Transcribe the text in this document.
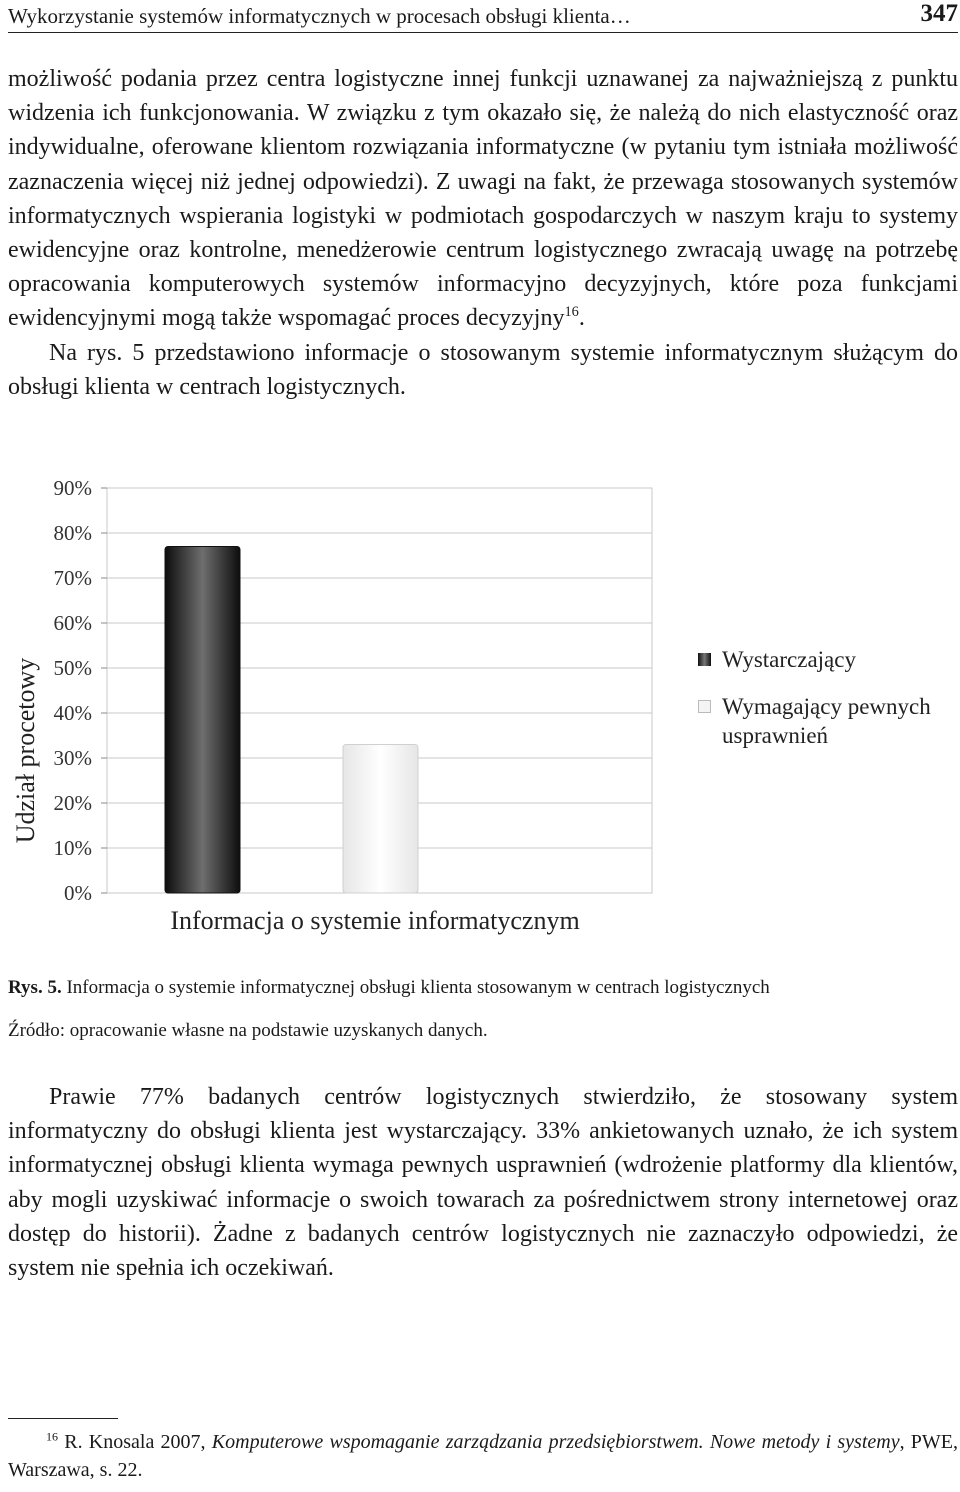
Wykorzystanie systemów informatycznych w procesach obsługi klienta…	347

możliwość podania przez centra logistyczne innej funkcji uznawanej za najważniejszą z punktu widzenia ich funkcjonowania. W związku z tym okazało się, że należą do nich elastyczność oraz indywidualne, oferowane klientom rozwiązania informatyczne (w pytaniu tym istniała możliwość zaznaczenia więcej niż jednej odpowiedzi). Z uwagi na fakt, że przewaga stosowanych systemów informatycznych wspierania logistyki w podmiotach gospodarczych w naszym kraju to systemy ewidencyjne oraz kontrolne, menedżerowie centrum logistycznego zwracają uwagę na potrzebę opracowania komputerowych systemów informacyjno decyzyjnych, które poza funkcjami ewidencyjnymi mogą także wspomagać proces decyzyjny$^{16}$.

Na rys. 5 przedstawiono informacje o stosowanym systemie informatycznym służącym do obsługi klienta w centrach logistycznych.

0%
10%
20%
30%
40%
50%
60%
70%
80%
90%
Udział procetowy
Informacja o systemie informatycznym
Wystarczający
Wymagający pewnych usprawnień
Rys. 5. Informacja o systemie informatycznej obsługi klienta stosowanym w centrach logistycznych
Źródło: opracowanie własne na podstawie uzyskanych danych.

Prawie 77% badanych centrów logistycznych stwierdziło, że stosowany system informatyczny do obsługi klienta jest wystarczający. 33% ankietowanych uznało, że ich system informatycznej obsługi klienta wymaga pewnych usprawnień (wdrożenie platformy dla klientów, aby mogli uzyskiwać informacje o swoich towarach za pośrednictwem strony internetowej oraz dostęp do historii). Żadne z badanych centrów logistycznych nie zaznaczyło odpowiedzi, że system nie spełnia ich oczekiwań.

$^{16}$ R. Knosala 2007, Komputerowe wspomaganie zarządzania przedsiębiorstwem. Nowe metody i systemy, PWE, Warszawa, s. 22.
